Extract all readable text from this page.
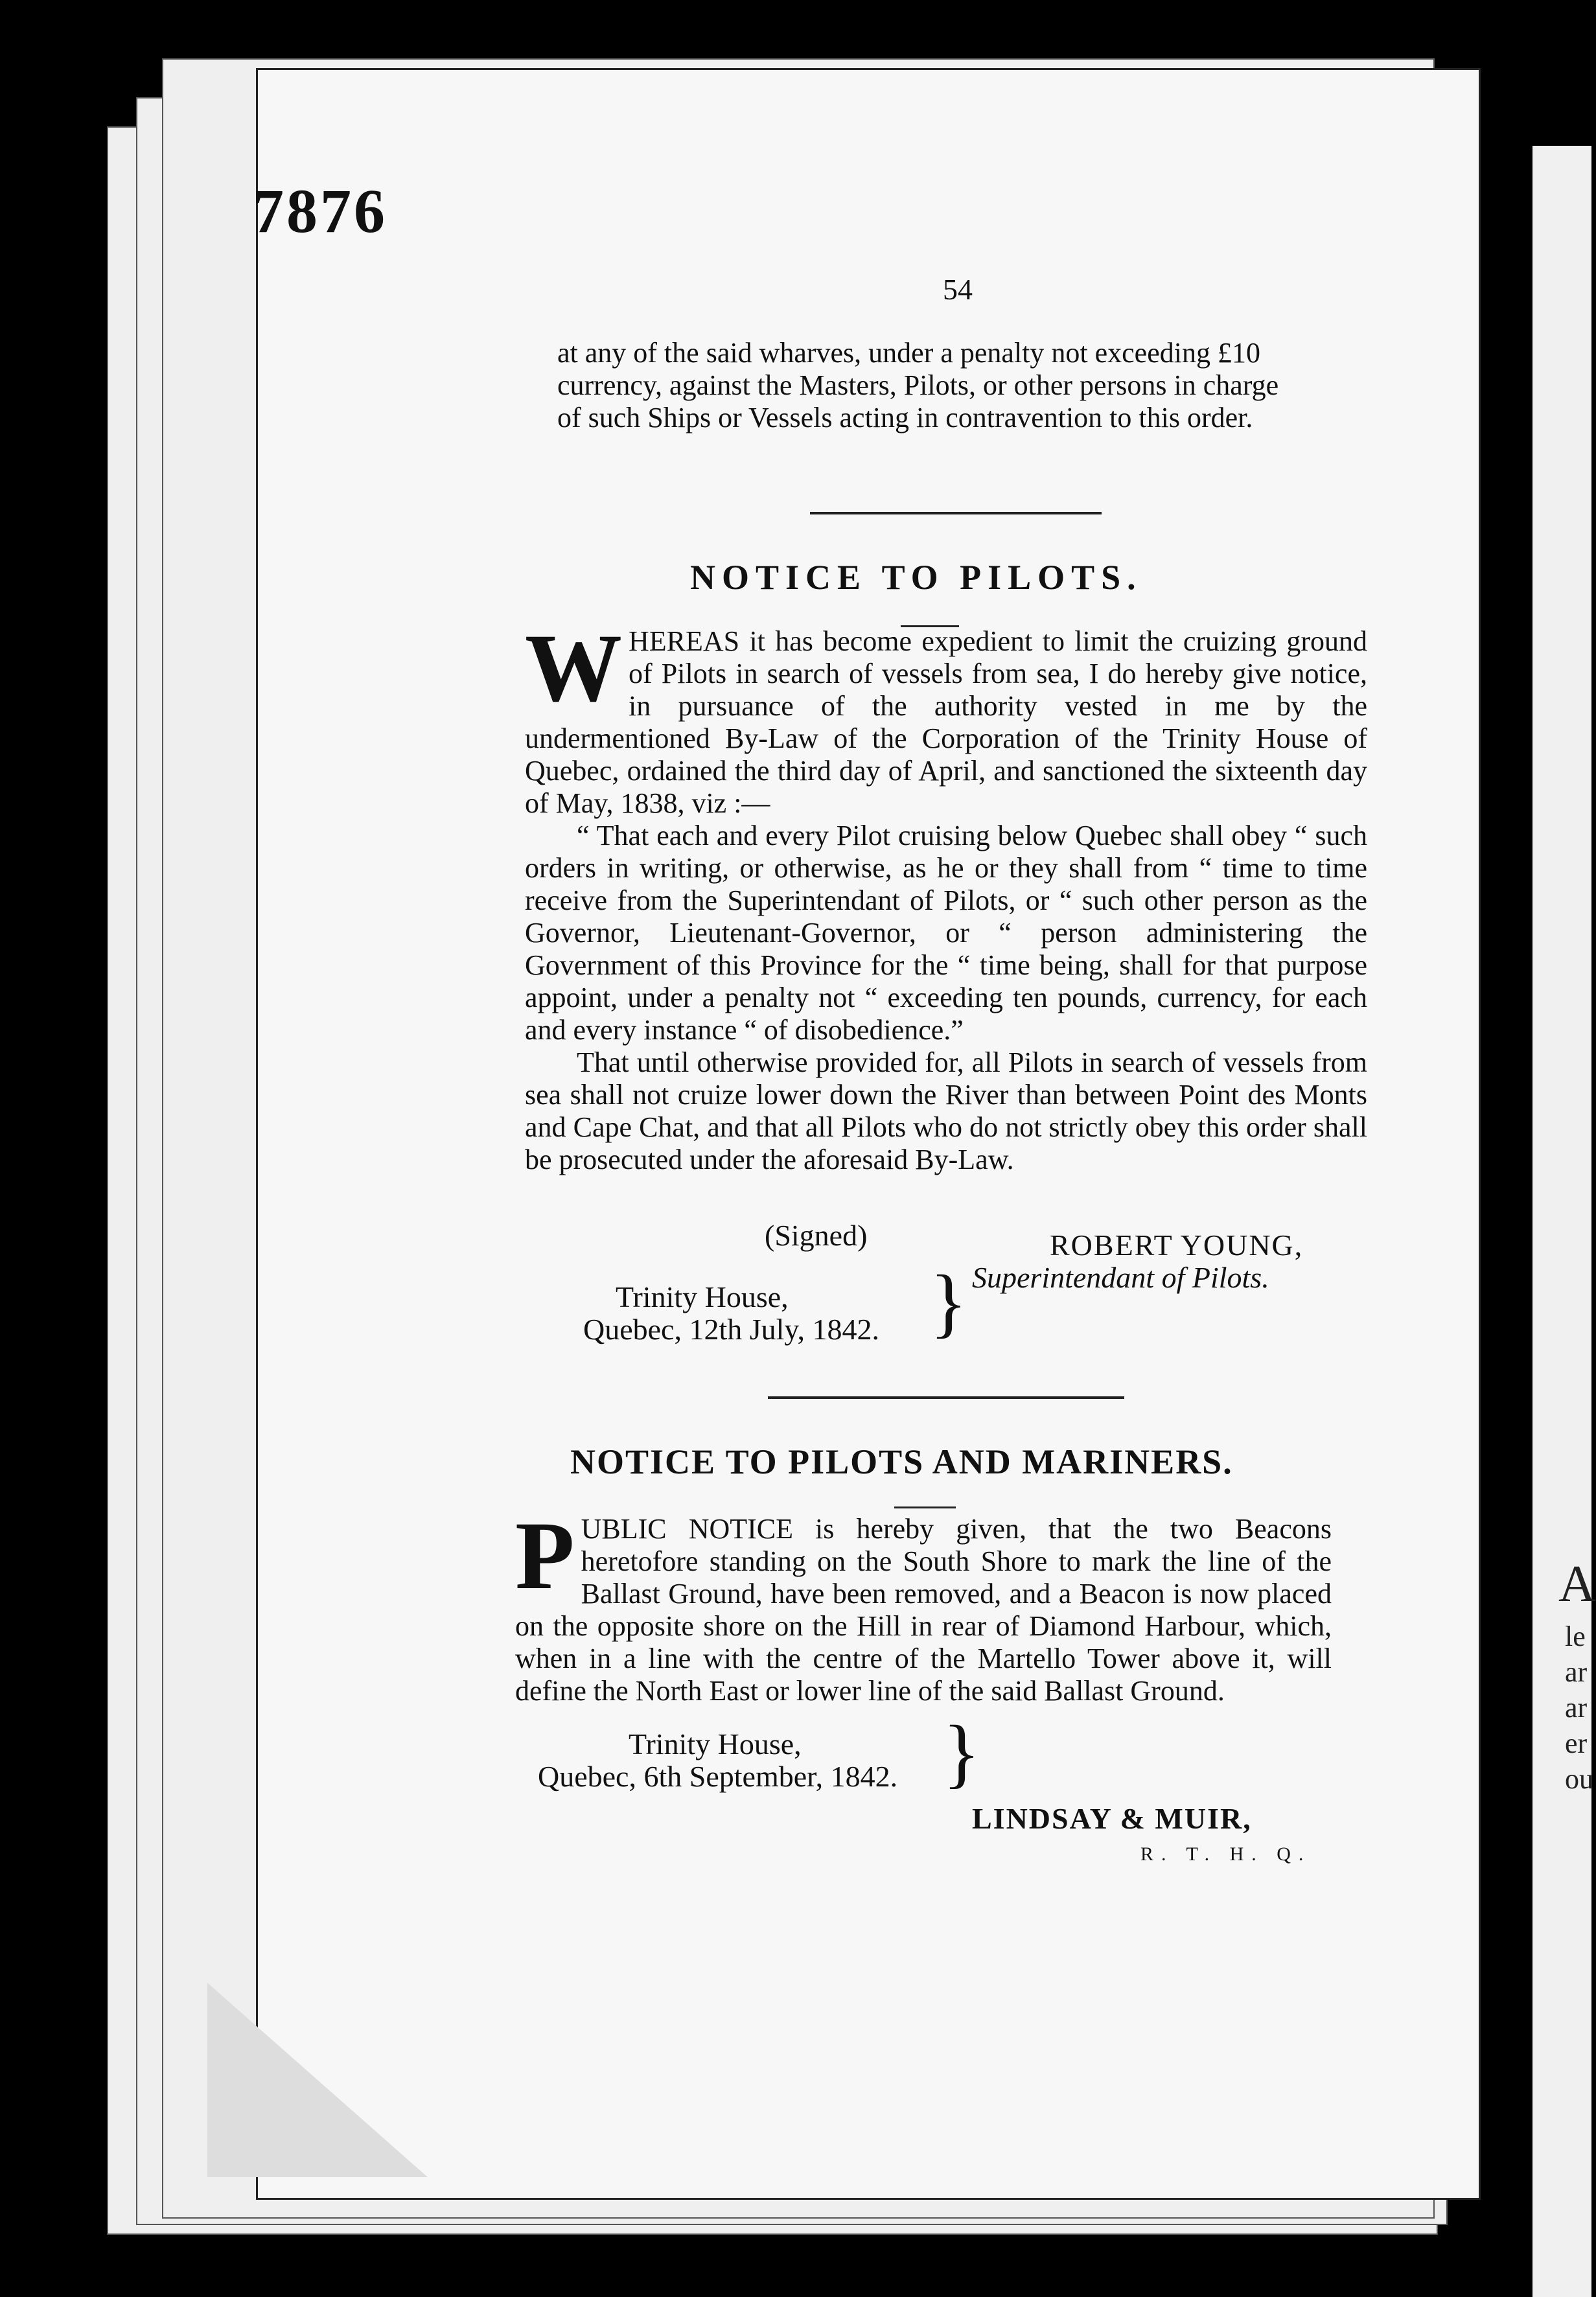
7876
54

at any of the said wharves, under a penalty not exceeding £10

currency, against the Masters, Pilots, or other persons in charge

of such Ships or Vessels acting in contravention to this order.

NOTICE TO PILOTS.

W HEREAS it has become expedient to limit the cruizing ground of Pilots in search of vessels from sea, I do hereby give notice, in pursuance of the authority vested in me by the undermentioned By-Law of the Corporation of the Trinity House of Quebec, ordained the third day of April, and sanctioned the sixteenth day of May, 1838, viz :—

“ That each and every Pilot cruising below Quebec shall obey “ such orders in writing, or otherwise, as he or they shall from “ time to time receive from the Superintendant of Pilots, or “ such other person as the Governor, Lieutenant-Governor, or “ person administering the Government of this Province for the “ time being, shall for that purpose appoint, under a penalty not “ exceeding ten pounds, currency, for each and every instance “ of disobedience.”

That until otherwise provided for, all Pilots in search of vessels from sea shall not cruize lower down the River than between Point des Monts and Cape Chat, and that all Pilots who do not strictly obey this order shall be prosecuted under the aforesaid By-Law.

(Signed)	ROBERT YOUNG,
Superintendant of Pilots.
Trinity House,
Quebec, 12th July, 1842. }
NOTICE TO PILOTS AND MARINERS.

P UBLIC NOTICE is hereby given, that the two Beacons heretofore standing on the South Shore to mark the line of the Ballast Ground, have been removed, and a Beacon is now placed on the opposite shore on the Hill in rear of Diamond Harbour, which, when in a line with the centre of the Martello Tower above it, will define the North East or lower line of the said Ballast Ground.

Trinity House,
Quebec, 6th September, 1842. }
LINDSAY & MUIR,
R. T. H. Q.
A
le
ar
ar
er
ou
